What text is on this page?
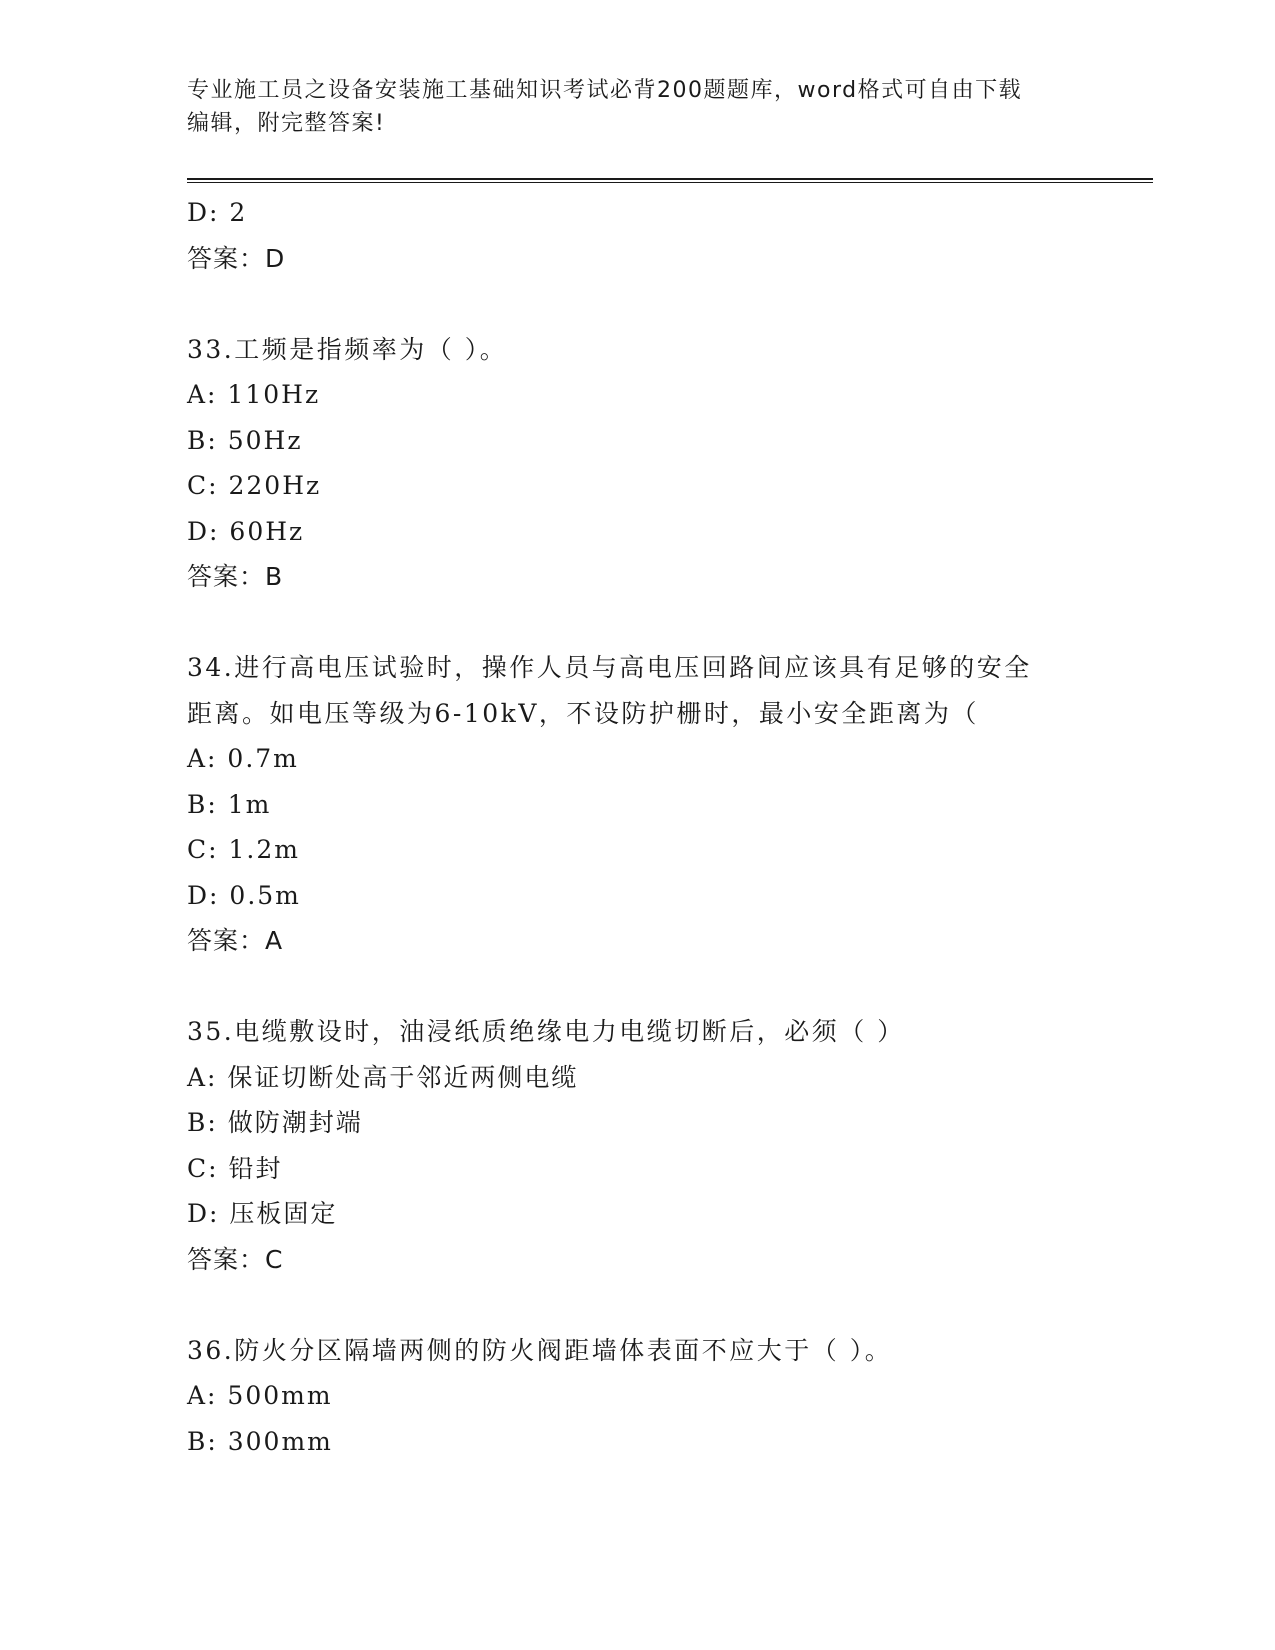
专业施工员之设备安装施工基础知识考试必背200题题库，word格式可自由下载
编辑，附完整答案!
D: 2
答案：D
33.工频是指频率为（ ）。
A: 110Hz
B: 50Hz
C: 220Hz
D: 60Hz
答案：B
34.进行高电压试验时，操作人员与高电压回路间应该具有足够的安全
距离。如电压等级为6-10kV，不设防护栅时，最小安全距离为（
A: 0.7m
B: 1m
C: 1.2m
D: 0.5m
答案：A
35.电缆敷设时，油浸纸质绝缘电力电缆切断后，必须（ ）
A: 保证切断处高于邻近两侧电缆
B: 做防潮封端
C: 铅封
D: 压板固定
答案：C
36.防火分区隔墙两侧的防火阀距墙体表面不应大于（ ）。
A: 500mm
B: 300mm
